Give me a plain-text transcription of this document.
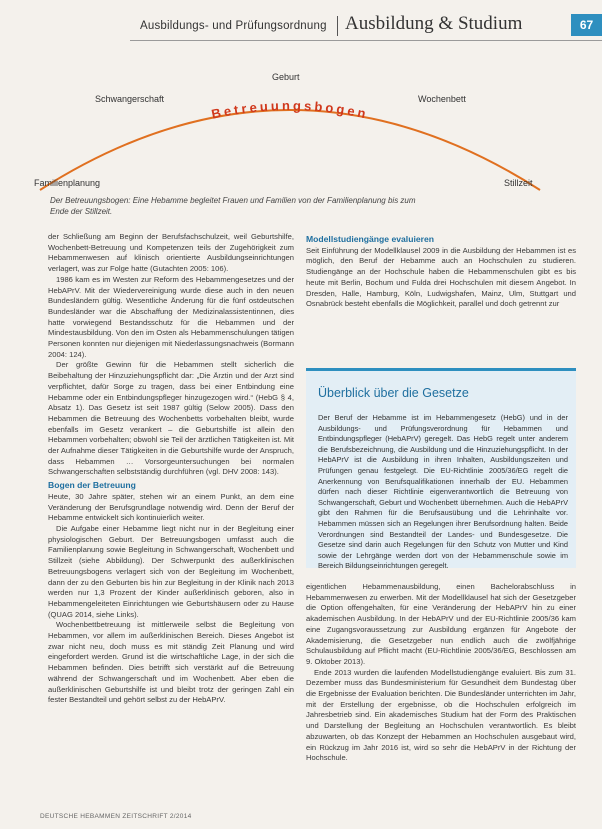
Ausbildungs- und Prüfungsordnung Ausbildung & Studium	67
Betreuungsbogen
Geburt
Schwangerschaft	Wochenbett
Familienplanung	Stillzeit
Der Betreuungsbogen: Eine Hebamme begleitet Frauen und Familien von der Familienplanung bis zum Ende der Stillzeit.

der Schließung am Beginn der Berufsfachschulzeit, weil Geburtshilfe, Wochenbett-Betreuung und Kompetenzen teils der Zugehörigkeit zum Hebammenwesen auf klinisch orientierte Ausbildungseinrichtungen verlagert, was zur Folge hatte (Gutachten 2005: 106).

1986 kam es im Westen zur Reform des Hebammengesetzes und der HebAPrV. Mit der Wiedervereinigung wurde diese auch in den neuen Bundesländern gültig. Wesentliche Änderung für die fünf ostdeutschen Bundesländer war die Abschaffung der Medizinalassistentinnen, dies hatte vorwiegend Bestandsschutz für die Hebammen und der Mindestausbildung. Von den im Osten als Hebammenschulungen tätigen Personen konnten nur diejenigen mit Niederlassungsnachweis (Bormann 2004: 124).

Der größte Gewinn für die Hebammen stellt sicherlich die Beibehaltung der Hinzuziehungspflicht dar: „Die Ärztin und der Arzt sind verpflichtet, dafür Sorge zu tragen, dass bei einer Entbindung eine Hebamme oder ein Entbindungspfleger hinzugezogen wird.“ (HebG § 4, Absatz 1). Das Gesetz ist seit 1987 gültig (Selow 2005). Dass den Hebammen die Betreuung des Wochenbetts vorbehalten bleibt, wurde ebenfalls im Gesetz verankert – die Geburtshilfe ist allein den Hebammen vorbehalten; obwohl sie Teil der ärztlichen Tätigkeiten ist. Mit der Aufnahme dieser Tätigkeiten in die Geburtshilfe wurde der Anspruch, dass Hebammen … Vorsorgeuntersuchungen bei normalen Schwangerschaften selbstständig durchführen (vgl. DHV 2008: 143).

Bogen der Betreuung

Heute, 30 Jahre später, stehen wir an einem Punkt, an dem eine Veränderung der Berufsgrundlage notwendig wird. Denn der Beruf der Hebamme entwickelt sich kontinuierlich weiter.

Die Aufgabe einer Hebamme liegt nicht nur in der Begleitung einer physiologischen Geburt. Der Betreuungsbogen umfasst auch die Familienplanung sowie Begleitung in Schwangerschaft, Wochenbett und Stillzeit (siehe Abbildung). Der Schwerpunkt des außerklinischen Betreuungsbogens verlagert sich von der Begleitung im Wochenbett, dann der zu den Geburten bis hin zur Begleitung in der Klinik nach 2013 werden nur 1,3 Prozent der Kinder außerklinisch geboren, also in Hebammengeleiteten Einrichtungen wie Geburtshäusern oder zu Hause (QUAG 2014, siehe Links).

Wochenbettbetreuung ist mittlerweile selbst die Begleitung von Hebammen, vor allem im außerklinischen Bereich. Dieses Angebot ist zwar nicht neu, doch muss es mit ständig Zeit Planung und wird eingefordert werden. Grund ist die wirtschaftliche Lage, in der sich die Hebammen befinden. Dies betrifft sich verstärkt auf die Betreuung während der Schwangerschaft und im Wochenbett. Aber eben die außerklinischen Geburtshilfe ist und bleibt trotz der geringen Zahl ein fester Bestandteil und gehört selbst zu der HebAPrV.

Modellstudiengänge evaluieren

Seit Einführung der Modellklausel 2009 in die Ausbildung der Hebammen ist es möglich, den Beruf der Hebamme auch an Hochschulen zu studieren. Studiengänge an der Hochschule haben die Hebammenschulen gibt es bis heute mit Berlin, Bochum und Fulda drei Hochschulen mit diesem Angebot. In Dresden, Halle, Hamburg, Köln, Ludwigshafen, Mainz, Ulm, Stuttgart und Osnabrück besteht ebenfalls die Möglichkeit, parallel und doch getrennt zur

Überblick über die Gesetze
Der Beruf der Hebamme ist im Hebammengesetz (HebG) und in der Ausbildungs- und Prüfungsverordnung für Hebammen und Entbindungspfleger (HebAPrV) geregelt. Das HebG regelt unter anderem die Berufsbezeichnung, die Ausbildung und die Hinzuziehungspflicht. In der HebAPrV ist die Ausbildung in ihren Inhalten, Ausbildungszeiten und Prüfungen genau festgelegt. Die EU-Richtlinie 2005/36/EG regelt die Anerkennung von Berufsqualifikationen innerhalb der EU. Hebammen dürfen nach dieser Richtlinie eigenverantwortlich die Betreuung von Schwangerschaft, Geburt und Wochenbett übernehmen. Auch die HebAPrV gibt den Rahmen für die Berufsausübung und die Lehrinhalte vor. Hebammen müssen sich an Regelungen ihrer Berufsordnung halten. Beide Verordnungen sind Bestandteil der Landes- und Bundesgesetze. Die Gesetze sind darin auch Regelungen für den Schutz von Mutter und Kind sowie der Lehrgänge werden dort von der Hebammenschule sowie im Bereich Bildungseinrichtungen geregelt.

eigentlichen Hebammenausbildung, einen Bachelorabschluss in Hebammenwesen zu erwerben. Mit der Modellklausel hat sich der Gesetzgeber die Option offengehalten, für eine Veränderung der HebAPrV hin zu einer akademischen Ausbildung. In der HebAPrV und der EU-Richtlinie 2005/36 kam eine Zugangsvoraussetzung zur Ausbildung ergänzen für Angebote der Akademisierung, die Gesetzgeber nun endlich auch die zwölfjährige Schulausbildung auf Pflicht macht (EU-Richtlinie 2005/36/EG, Beschlossen am 9. Oktober 2013).

Ende 2013 wurden die laufenden Modellstudiengänge evaluiert. Bis zum 31. Dezember muss das Bundesministerium für Gesundheit dem Bundestag über die Ergebnisse der Evaluation berichten. Die Bundesländer unterrichten im Jahr, mit der Erstellung der ergebnisse, ob die Hochschulen erfolgreich im Jahresbetrieb sind. Ein akademisches Studium hat der Form des Praktischen und Darstellung der Begleitung an Hochschulen verantwortlich. Es bleibt abzuwarten, ob das Konzept der Hebammen an Hochschulen ausgebaut wird, ein Rückzug im Jahr 2016 ist, wird so sehr die HebAPrV in der Richtung der Hochschule.

DEUTSCHE HEBAMMEN ZEITSCHRIFT 2/2014
